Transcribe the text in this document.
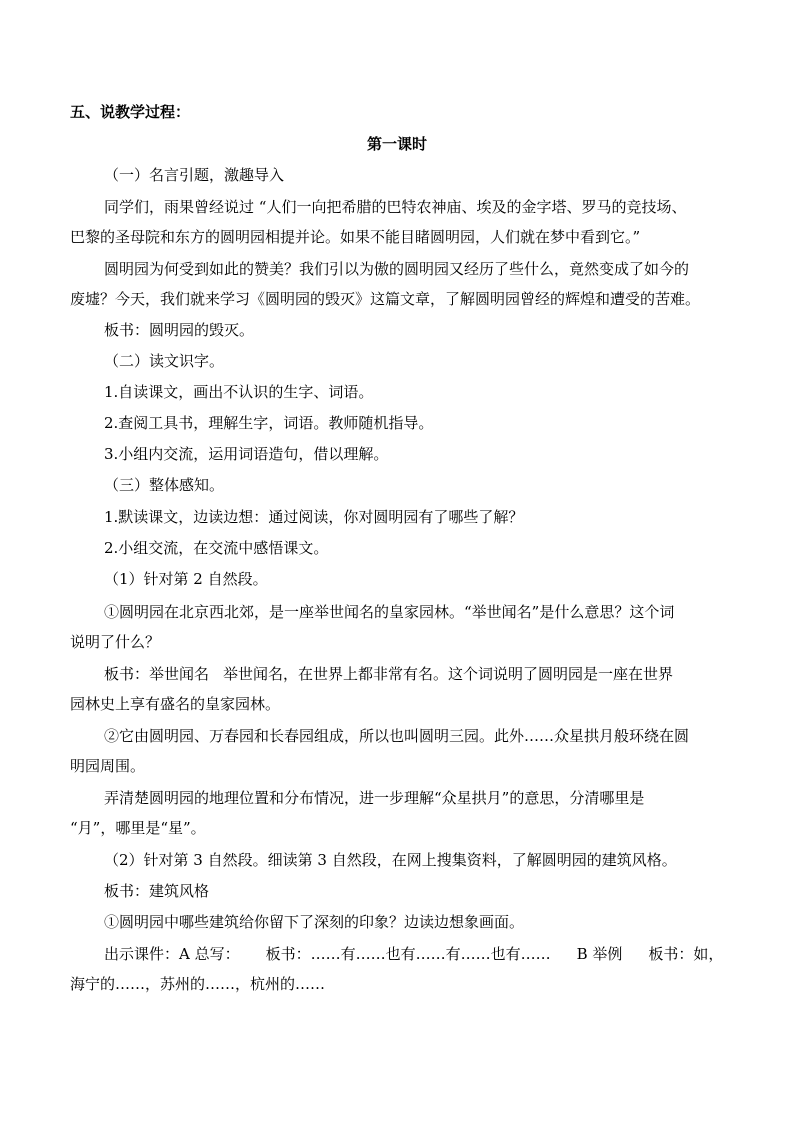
五、说教学过程：
第一课时
（一）名言引题，激趣导入
同学们，雨果曾经说过 “人们一向把希腊的巴特农神庙、埃及的金字塔、罗马的竞技场、
巴黎的圣母院和东方的圆明园相提并论。如果不能目睹圆明园，人们就在梦中看到它。”
圆明园为何受到如此的赞美？我们引以为傲的圆明园又经历了些什么，竟然变成了如今的
废墟？今天，我们就来学习《圆明园的毁灭》这篇文章，了解圆明园曾经的辉煌和遭受的苦难。
板书：圆明园的毁灭。
（二）读文识字。
1.自读课文，画出不认识的生字、词语。
2.查阅工具书，理解生字，词语。教师随机指导。
3.小组内交流，运用词语造句，借以理解。
（三）整体感知。
1.默读课文，边读边想：通过阅读，你对圆明园有了哪些了解？
2.小组交流，在交流中感悟课文。
（1）针对第 2 自然段。
①圆明园在北京西北郊，是一座举世闻名的皇家园林。“举世闻名”是什么意思？这个词
说明了什么？
板书：举世闻名 举世闻名，在世界上都非常有名。这个词说明了圆明园是一座在世界
园林史上享有盛名的皇家园林。
②它由圆明园、万春园和长春园组成，所以也叫圆明三园。此外……众星拱月般环绕在圆
明园周围。
弄清楚圆明园的地理位置和分布情况，进一步理解“众星拱月”的意思，分清哪里是
“月”，哪里是“星”。
（2）针对第 3 自然段。细读第 3 自然段，在网上搜集资料，了解圆明园的建筑风格。
板书：建筑风格
①圆明园中哪些建筑给你留下了深刻的印象？边读边想象画面。
出示课件：A 总写： 板书：……有……也有……有……也有…… B 举例 板书：如，
海宁的……，苏州的……，杭州的……
